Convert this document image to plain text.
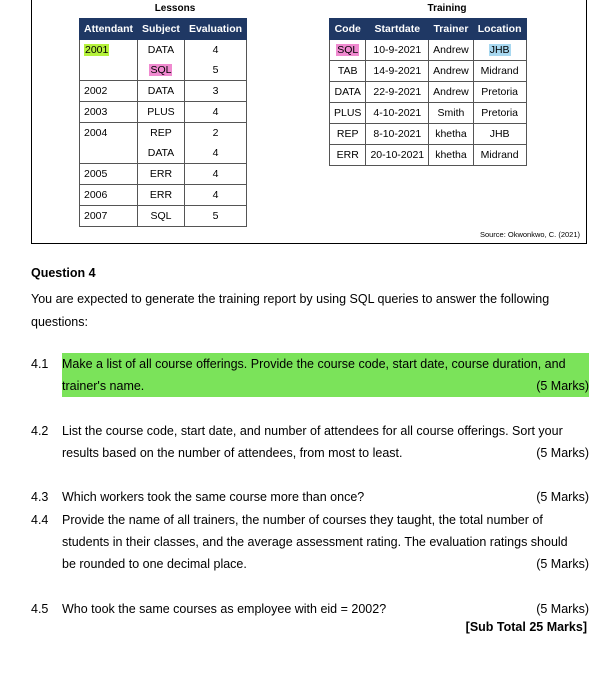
Lessons
Attendant	Subject	Evaluation
2001	DATA	4
	SQL	5
2002	DATA	3
2003	PLUS	4
2004	REP	2
	DATA	4
2005	ERR	4
2006	ERR	4
2007	SQL	5
Training
Code	Startdate	Trainer	Location
SQL	10-9-2021	Andrew	JHB
TAB	14-9-2021	Andrew	Midrand
DATA	22-9-2021	Andrew	Pretoria
PLUS	4-10-2021	Smith	Pretoria
REP	8-10-2021	khetha	JHB
ERR	20-10-2021	khetha	Midrand
Source: Okwonkwo, C. (2021)
Question 4
You are expected to generate the training report by using SQL queries to answer the following questions:
4.1 Make a list of all course offerings. Provide the course code, start date, course duration, and
trainer's name.	(5 Marks)
4.2 List the course code, start date, and number of attendees for all course offerings. Sort your
results based on the number of attendees, from most to least.	(5 Marks)
4.3 Which workers took the same course more than once?	(5 Marks)
4.4 Provide the name of all trainers, the number of courses they taught, the total number of
students in their classes, and the average assessment rating. The evaluation ratings should
be rounded to one decimal place.	(5 Marks)
4.5 Who took the same courses as employee with eid = 2002?	(5 Marks)
[Sub Total 25 Marks]
